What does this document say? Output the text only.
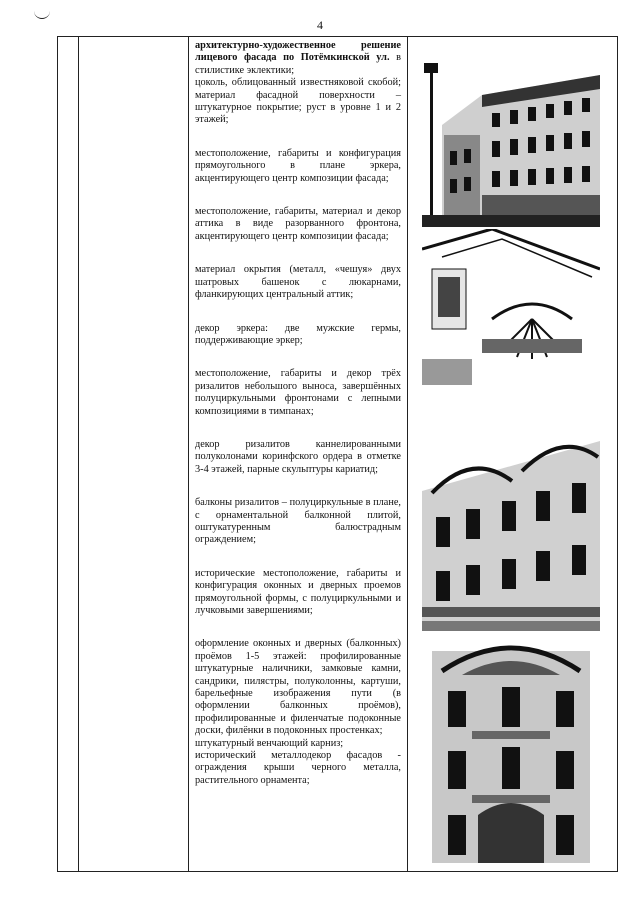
4

архитектурно-художественное решение лицевого фасада по Потёмкинской ул. в стилистике эклектики;

цоколь, облицованный известняковой скобой; материал фасадной поверхности – штукатурное покрытие; руст в уровне 1 и 2 этажей;

местоположение, габариты и конфигурация прямоугольного в плане эркера, акцентирующего центр композиции фасада;

местоположение, габариты, материал и декор аттика в виде разорванного фронтона, акцентирующего центр композиции фасада;

материал окрытия (металл, «чешуя» двух шатровых башенок с люкарнами, фланкирующих центральный аттик;

декор эркера: две мужские гермы, поддерживающие эркер;

местоположение, габариты и декор трёх ризалитов небольшого выноса, завершённых полуциркульными фронтонами с лепными композициями в тимпанах;

декор ризалитов каннелированными полуколонами коринфского ордера в отметке 3-4 этажей, парные скульптуры кариатид;

балконы ризалитов – полуциркульные в плане, с орнаментальной балконной плитой, оштукатуренным балюстрадным ограждением;

исторические местоположение, габариты и конфигурация оконных и дверных проемов прямоугольной формы, с полуциркульными и лучковыми завершениями;

оформление оконных и дверных (балконных) проёмов 1-5 этажей: профилированные штукатурные наличники, замковые камни, сандрики, пилястры, полуколонны, картуши, барельефные изображения пути (в оформлении балконных проёмов), профилированные и филенчатые подоконные доски, филёнки в подоконных простенках;

штукатурный венчающий карниз;

исторический металлодекор фасадов - ограждения крыши черного металла, растительного орнамента;
